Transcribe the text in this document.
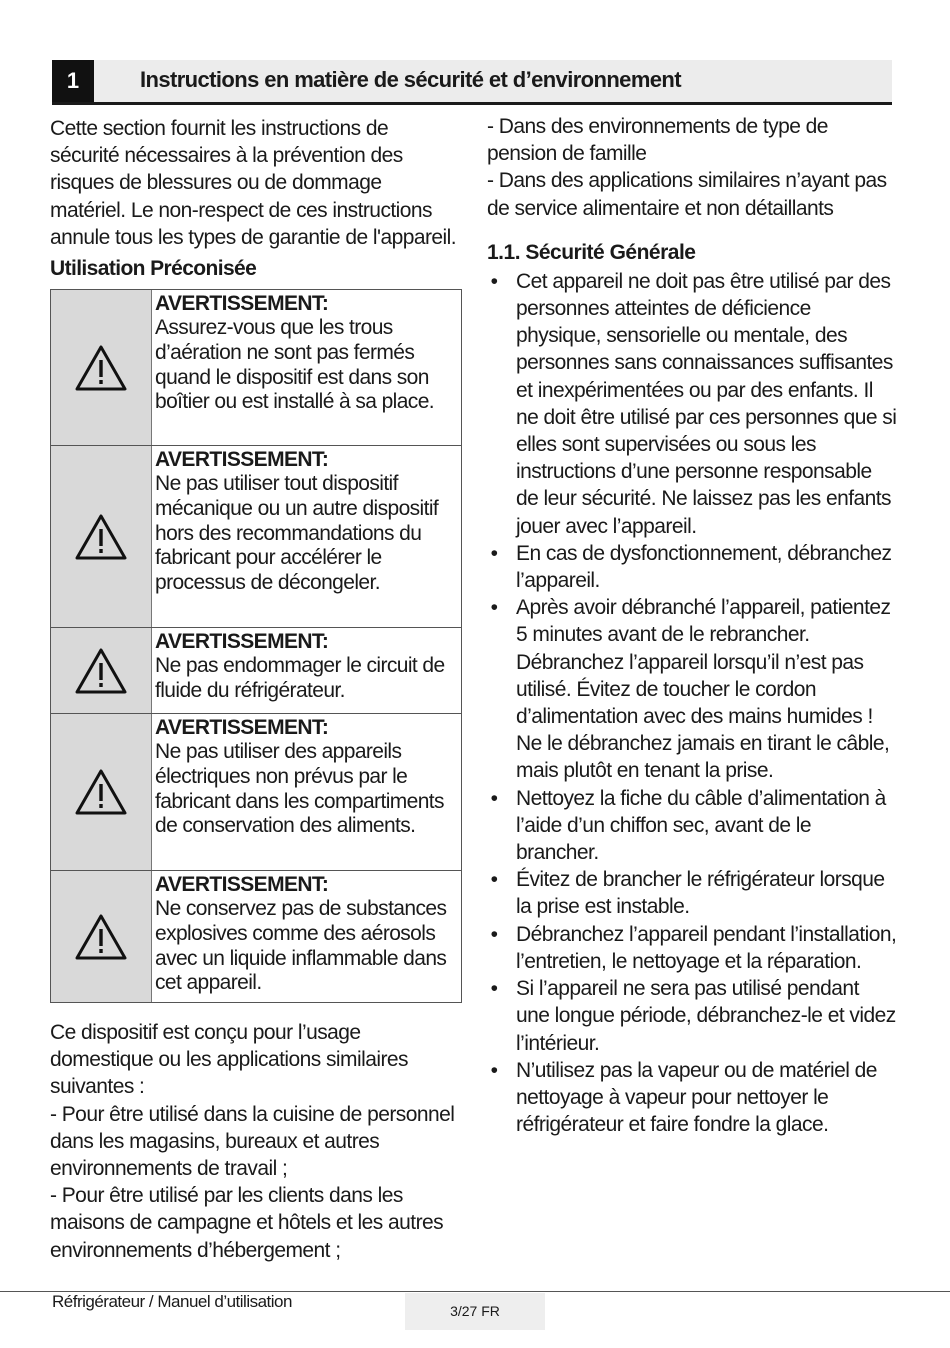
1	Instructions en matière de sécurité et d’environnement

Cette section fournit les instructions de sécurité nécessaires à la prévention des risques de blessures ou de dommage matériel. Le non-respect de ces instructions annule tous les types de garantie de l'appareil.

Utilisation Préconisée
AVERTISSEMENT:
Assurez-vous que les trous d’aération ne sont pas fermés quand le dispositif est dans son boîtier ou est installé à sa place.
AVERTISSEMENT:
Ne pas utiliser tout dispositif mécanique ou un autre dispositif hors des recommandations du fabricant pour accélérer le processus de décongeler.
AVERTISSEMENT:
Ne pas endommager le circuit de fluide du réfrigérateur.
AVERTISSEMENT:
Ne pas utiliser des appareils électriques non prévus par le fabricant dans les compartiments de conservation des aliments.
AVERTISSEMENT:
Ne conservez pas de substances explosives comme des aérosols avec un liquide inflammable dans cet appareil.

Ce dispositif est conçu pour l’usage domestique ou les applications similaires suivantes :

- Pour être utilisé dans la cuisine de personnel dans les magasins, bureaux et autres environnements de travail ;

- Pour être utilisé par les clients dans les maisons de campagne et hôtels et les autres environnements d’hébergement ;

- Dans des environnements de type de pension de famille

- Dans des applications similaires n’ayant pas de service alimentaire et non détaillants

1.1. Sécurité Générale
• Cet appareil ne doit pas être utilisé par des personnes atteintes de déficience physique, sensorielle ou mentale, des personnes sans connaissances suffisantes et inexpérimentées ou par des enfants. Il ne doit être utilisé par ces personnes que si elles sont supervisées ou sous les instructions d’une personne responsable de leur sécurité. Ne laissez pas les enfants jouer avec l’appareil.
• En cas de dysfonctionnement, débranchez l’appareil.
• Après avoir débranché l’appareil, patientez 5 minutes avant de le rebrancher. Débranchez l’appareil lorsqu’il n’est pas utilisé. Évitez de toucher le cordon d’alimentation avec des mains humides ! Ne le débranchez jamais en tirant le câble, mais plutôt en tenant la prise.
• Nettoyez la fiche du câble d’alimentation à l’aide d’un chiffon sec, avant de le brancher.
• Évitez de brancher le réfrigérateur lorsque la prise est instable.
• Débranchez l’appareil pendant l’installation, l’entretien, le nettoyage et la réparation.
• Si l’appareil ne sera pas utilisé pendant une longue période, débranchez-le et videz l’intérieur.
• N’utilisez pas la vapeur ou de matériel de nettoyage à vapeur pour nettoyer le réfrigérateur et faire fondre la glace.
Réfrigérateur / Manuel d’utilisation	3/27 FR
